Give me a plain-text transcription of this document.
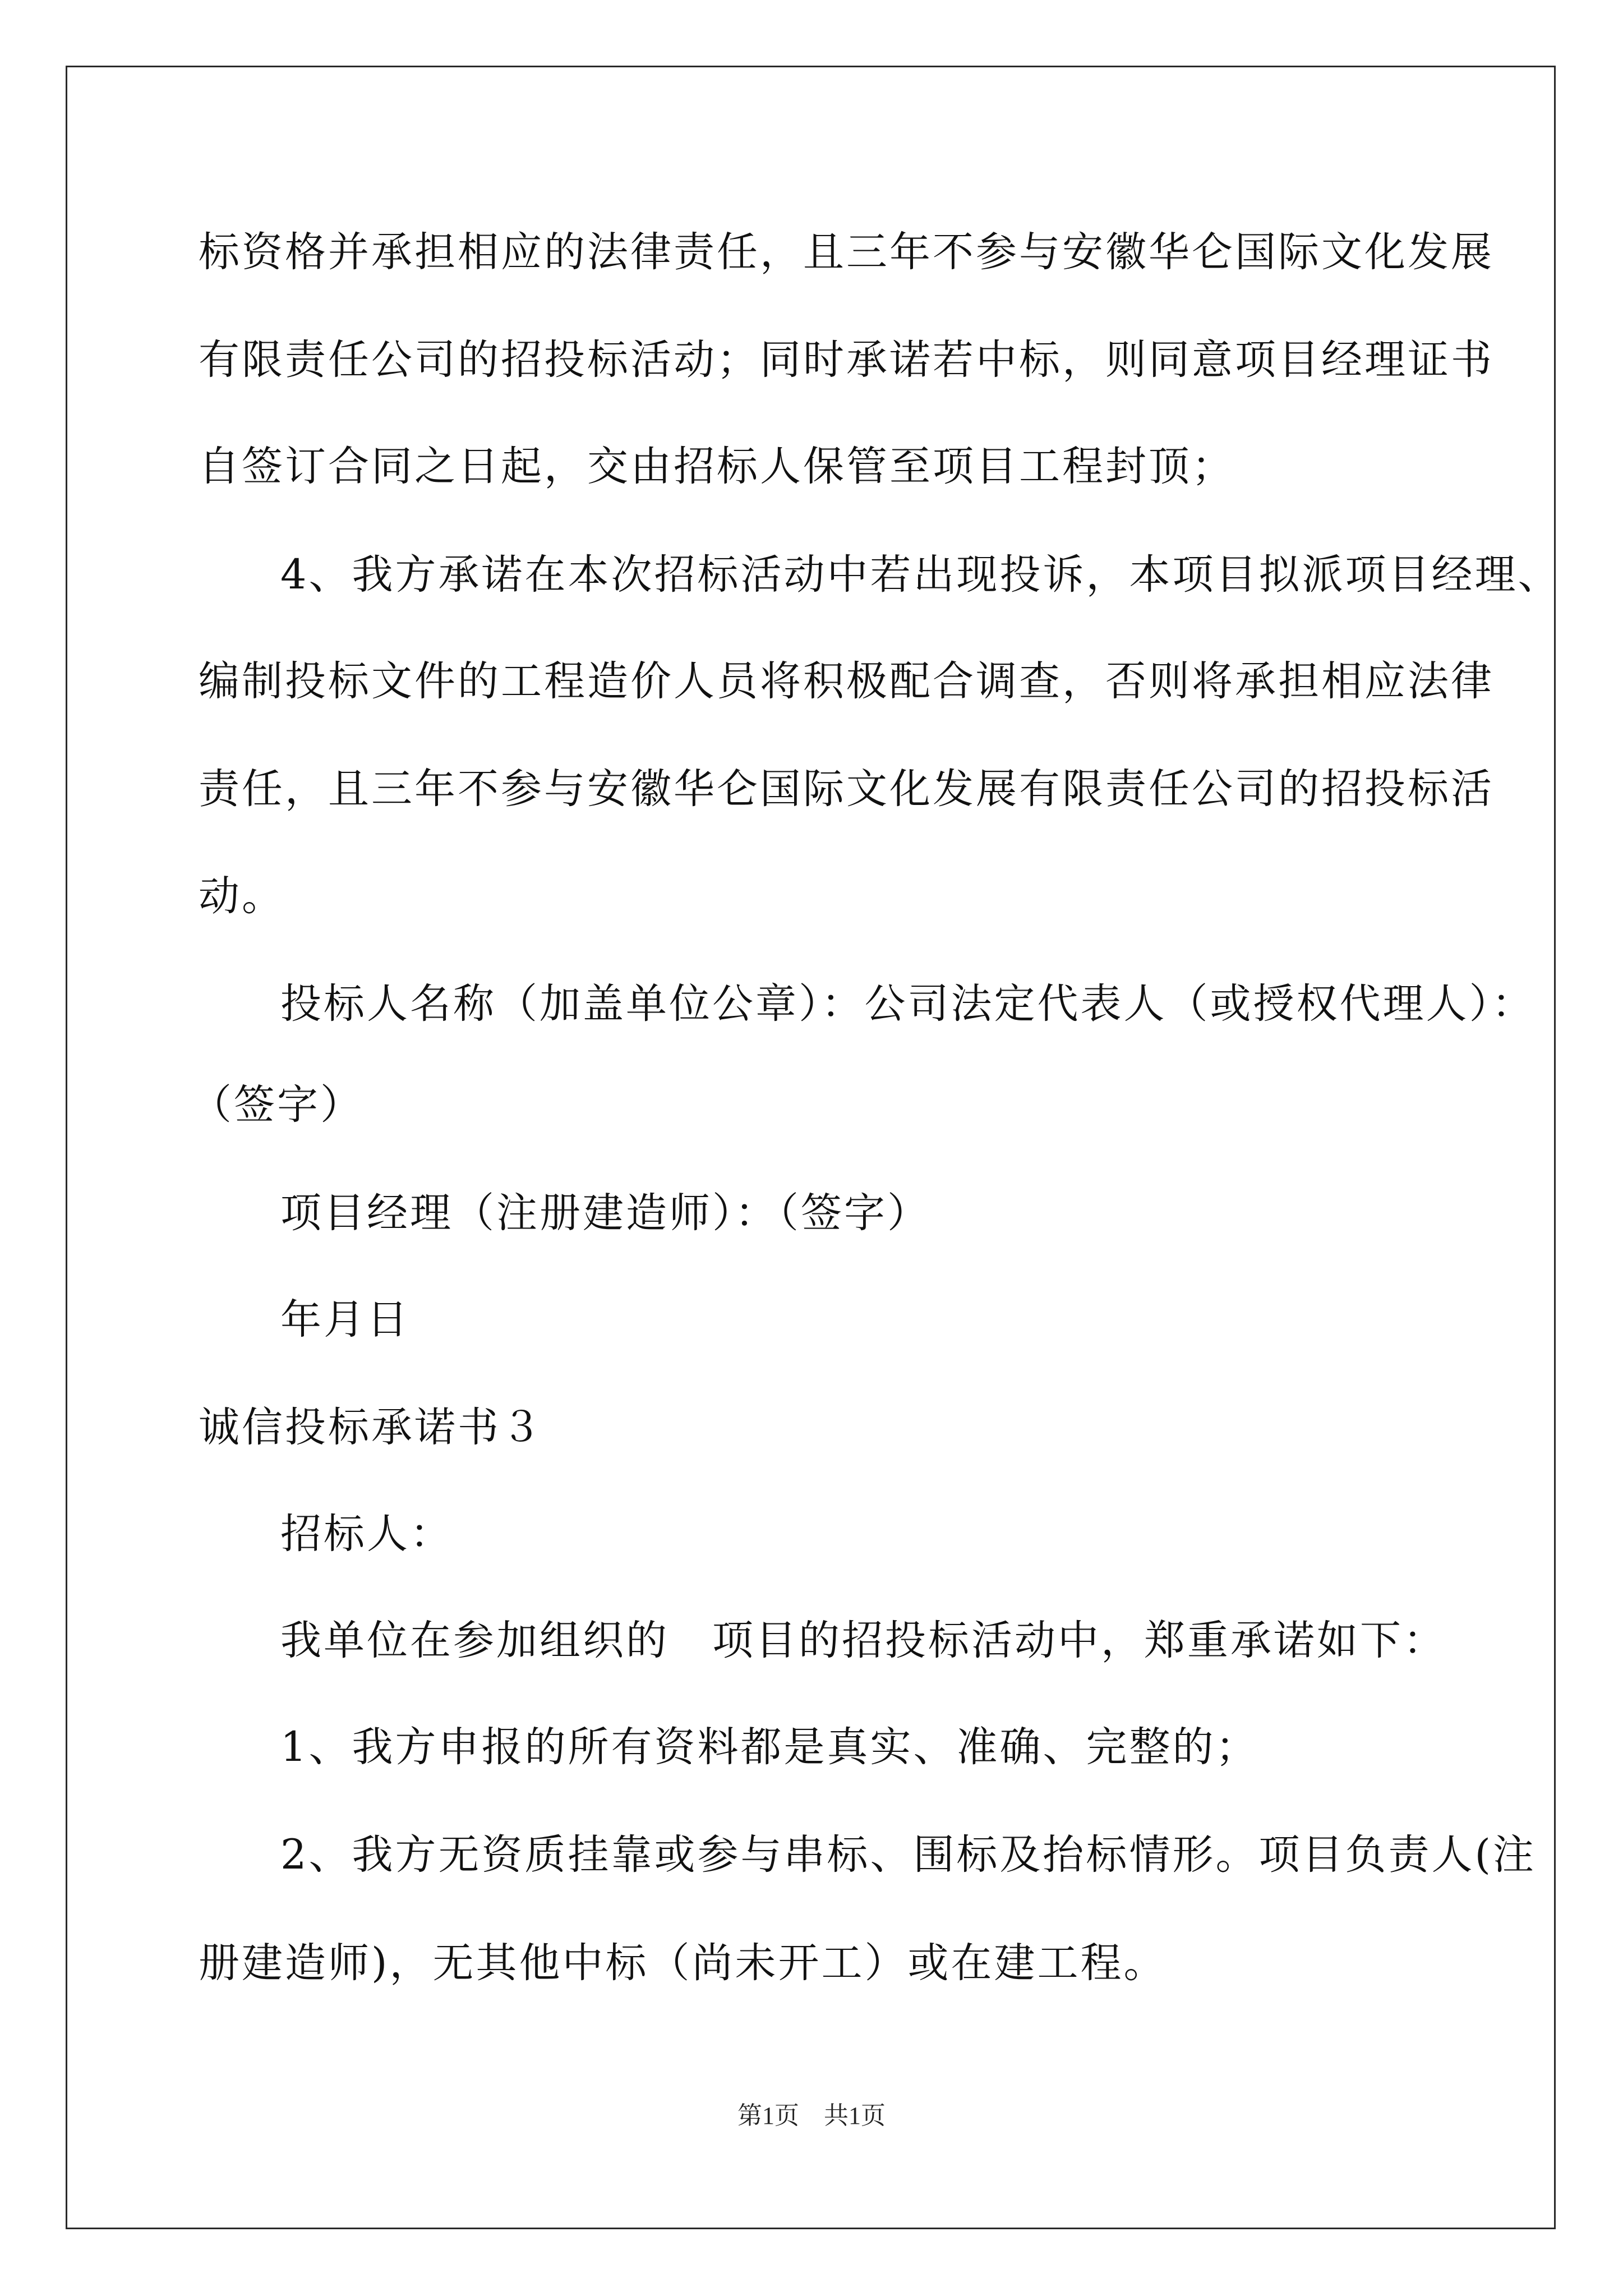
标资格并承担相应的法律责任，且三年不参与安徽华仑国际文化发展
有限责任公司的招投标活动；同时承诺若中标，则同意项目经理证书
自签订合同之日起，交由招标人保管至项目工程封顶；
4、我方承诺在本次招标活动中若出现投诉，本项目拟派项目经理、
编制投标文件的工程造价人员将积极配合调查，否则将承担相应法律
责任，且三年不参与安徽华仑国际文化发展有限责任公司的招投标活
动。
投标人名称（加盖单位公章）：公司法定代表人（或授权代理人）：
（签字）
项目经理（注册建造师）：（签字）
年月日
诚信投标承诺书３
招标人：
我单位在参加组织的　项目的招投标活动中，郑重承诺如下：
1、我方申报的所有资料都是真实、准确、完整的；
2、我方无资质挂靠或参与串标、围标及抬标情形。项目负责人(注
册建造师)，无其他中标（尚未开工）或在建工程。
第1页　共1页
